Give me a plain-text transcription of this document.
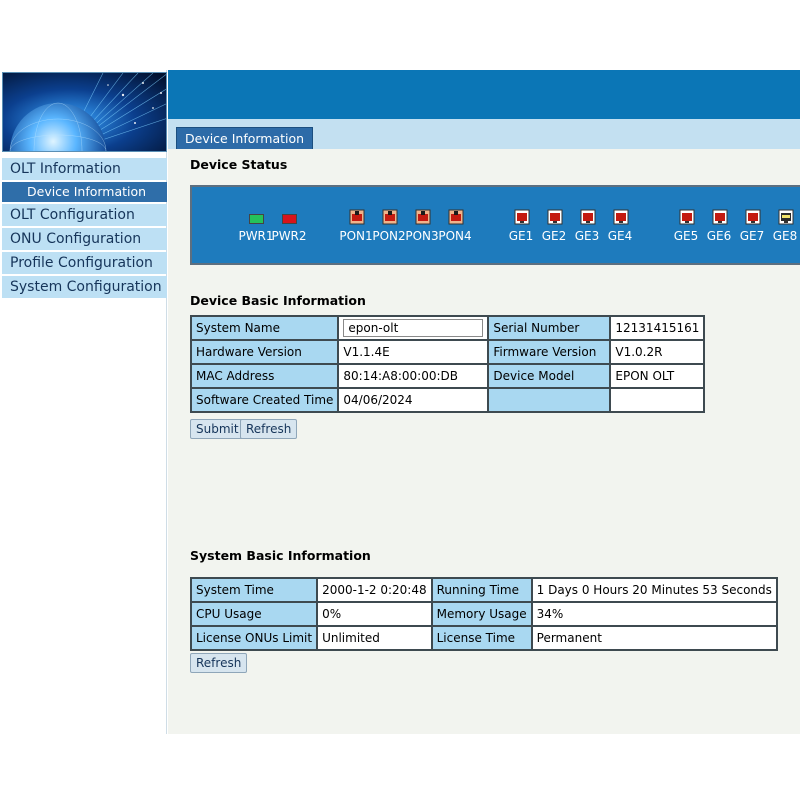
OLT Information
Device Information
OLT Configuration
ONU Configuration
Profile Configuration
System Configuration
Device Information
Device Status
PWR1
PWR2	PON1 PON2 PON3 PON4	GE1 GE2 GE3 GE4	GE5 GE6 GE7 GE8
Device Basic Information
System Name	epon-olt	Serial Number	12131415161
Hardware Version	V1.1.4E	Firmware Version	V1.0.2R
MAC Address	80:14:A8:00:00:DB	Device Model	EPON OLT
Software Created Time	04/06/2024		
Submit Refresh
System Basic Information
System Time	2000-1-2 0:20:48	Running Time	1 Days 0 Hours 20 Minutes 53 Seconds
CPU Usage	0%	Memory Usage	34%
License ONUs Limit	Unlimited	License Time	Permanent
Refresh
